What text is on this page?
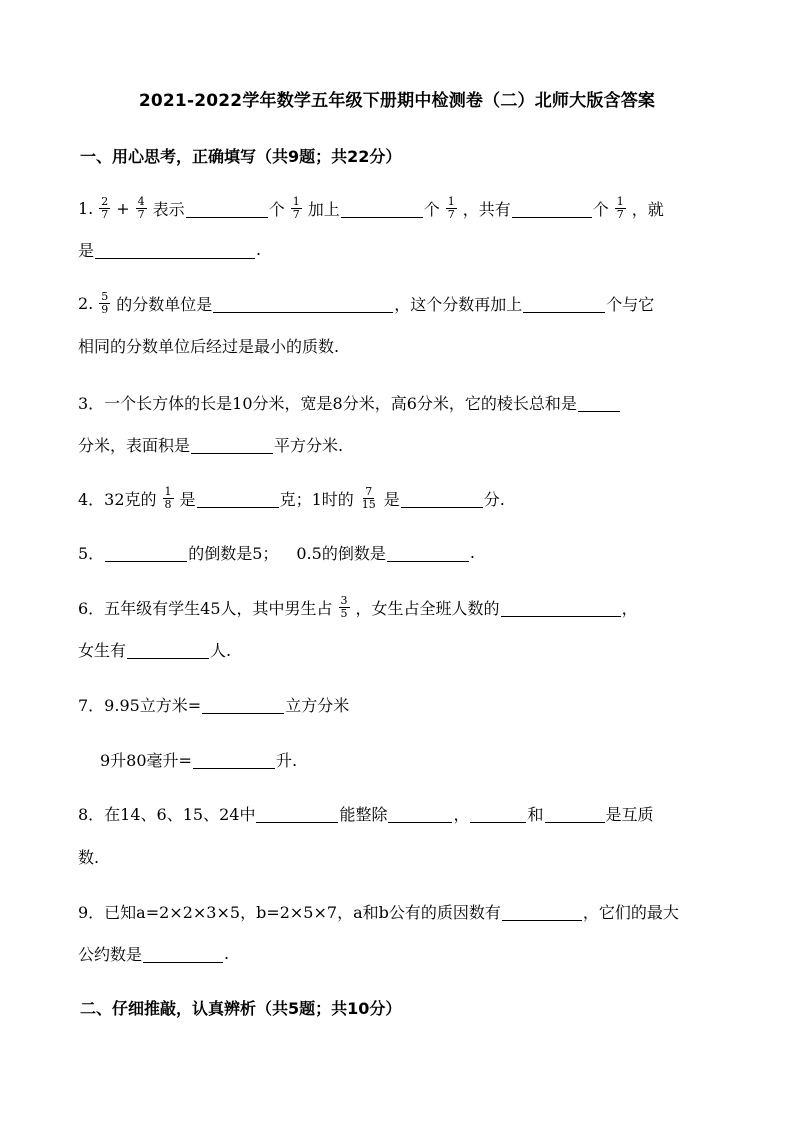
2021-2022学年数学五年级下册期中检测卷（二）北师大版含答案
一、用心思考，正确填写（共9题；共22分）
1. $\frac{2}{7} + \frac{4}{7}$ 表示	个 $\frac{1}{7}$ 加上	个 $\frac{1}{7}$ ，共有	个 $\frac{1}{7}$ ，就
是	.
2. $\frac{5}{9}$ 的分数单位是	，这个分数再加上	个与它
相同的分数单位后经过是最小的质数.
3．一个长方体的长是10分米，宽是8分米，高6分米，它的棱长总和是
分米，表面积是	平方分米.
4．32克的 $\frac{1}{8}$ 是	克；1时的 $\frac{7}{15}$ 是	分.
5．	的倒数是5； 0.5的倒数是	.
6．五年级有学生45人，其中男生占 $\frac{3}{5}$ ，女生占全班人数的	，
女生有	人.
7．9.95立方米=	立方分米
9升80毫升=	升.
8．在14、6、15、24中	能整除	，	和	是互质
数.
9．已知a=2×2×3×5，b=2×5×7，a和b公有的质因数有	，它们的最大
公约数是	.
二、仔细推敲，认真辨析（共5题；共10分）
